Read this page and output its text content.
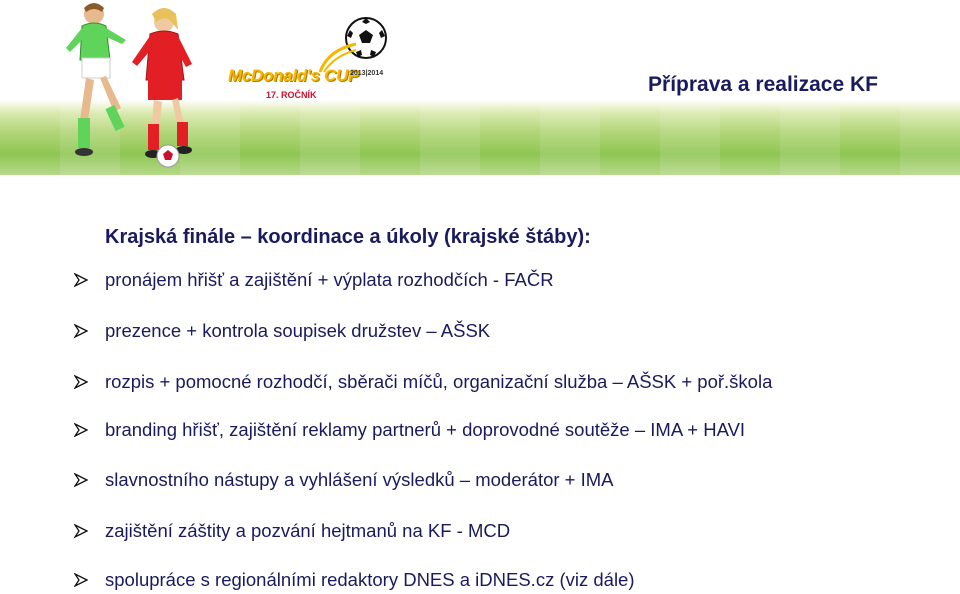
McDonald's CUP
2013|2014
17. ROČNÍK	Příprava a realizace KF
Krajská finále – koordinace a úkoly (krajské štáby):
pronájem hřišť a zajištění + výplata rozhodčích - FAČR
prezence + kontrola soupisek družstev – AŠSK
rozpis + pomocné rozhodčí, sběrači míčů, organizační služba – AŠSK + poř.škola
branding hřišť, zajištění reklamy partnerů + doprovodné soutěže – IMA + HAVI
slavnostního nástupy a vyhlášení výsledků – moderátor + IMA
zajištění záštity a pozvání hejtmanů na KF - MCD
spolupráce s regionálními redaktory DNES a iDNES.cz (viz dále)
